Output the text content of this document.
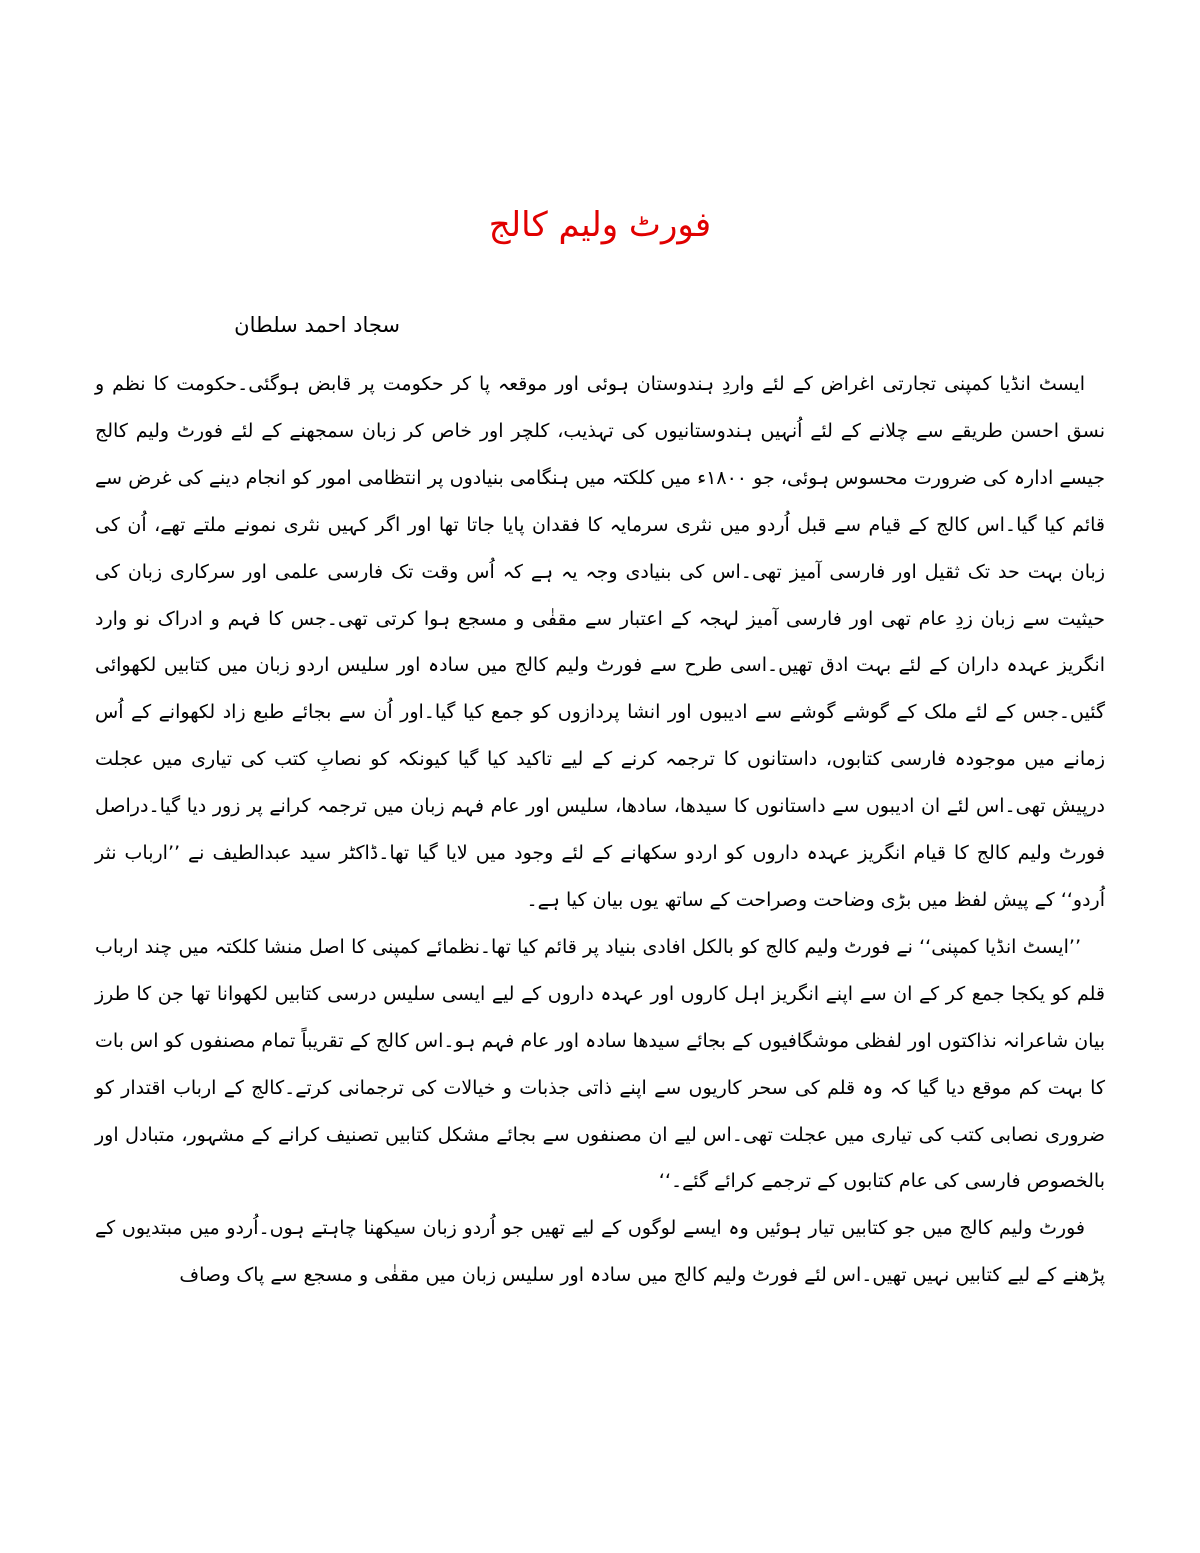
فورٹ ولیم کالج
سجاد احمد سلطان

ایسٹ انڈیا کمپنی تجارتی اغراض کے لئے واردِ ہندوستان ہوئی اور موقعہ پا کر حکومت پر قابض ہوگئی۔حکومت کا نظم و نسق احسن طریقے سے چلانے کے لئے اُنہیں ہندوستانیوں کی تہذیب، کلچر اور خاص کر زبان سمجھنے کے لئے فورٹ ولیم کالج جیسے ادارہ کی ضرورت محسوس ہوئی، جو ۱۸۰۰ء میں کلکتہ میں ہنگامی بنیادوں پر انتظامی امور کو انجام دینے کی غرض سے قائم کیا گیا۔اس کالج کے قیام سے قبل اُردو میں نثری سرمایہ کا فقدان پایا جاتا تھا اور اگر کہیں نثری نمونے ملتے تھے، اُن کی زبان بہت حد تک ثقیل اور فارسی آمیز تھی۔اس کی بنیادی وجہ یہ ہے کہ اُس وقت تک فارسی علمی اور سرکاری زبان کی حیثیت سے زبان زدِ عام تھی اور فارسی آمیز لہجہ کے اعتبار سے مقفٰی و مسجع ہوا کرتی تھی۔جس کا فہم و ادراک نو وارد انگریز عہدہ داران کے لئے بہت ادق تھیں۔اسی طرح سے فورٹ ولیم کالج میں سادہ اور سلیس اردو زبان میں کتابیں لکھوائی گئیں۔جس کے لئے ملک کے گوشے گوشے سے ادیبوں اور انشا پردازوں کو جمع کیا گیا۔اور اُن سے بجائے طبع زاد لکھوانے کے اُس زمانے میں موجودہ فارسی کتابوں، داستانوں کا ترجمہ کرنے کے لیے تاکید کیا گیا کیونکہ کو نصابِ کتب کی تیاری میں عجلت درپیش تھی۔اس لئے ان ادیبوں سے داستانوں کا سیدھا، سادھا، سلیس اور عام فہم زبان میں ترجمہ کرانے پر زور دیا گیا۔دراصل فورٹ ولیم کالج کا قیام انگریز عہدہ داروں کو اردو سکھانے کے لئے وجود میں لایا گیا تھا۔ڈاکٹر سید عبدالطیف نے ’’ارباب نثر اُردو‘‘ کے پیش لفظ میں بڑی وضاحت وصراحت کے ساتھ یوں بیان کیا ہے۔

’’ایسٹ انڈیا کمپنی‘‘ نے فورٹ ولیم کالج کو بالکل افادی بنیاد پر قائم کیا تھا۔نظمائے کمپنی کا اصل منشا کلکتہ میں چند ارباب قلم کو یکجا جمع کر کے ان سے اپنے انگریز اہل کاروں اور عہدہ داروں کے لیے ایسی سلیس درسی کتابیں لکھوانا تھا جن کا طرز بیان شاعرانہ نذاکتوں اور لفظی موشگافیوں کے بجائے سیدھا سادہ اور عام فہم ہو۔اس کالج کے تقریباً تمام مصنفوں کو اس بات کا بہت کم موقع دیا گیا کہ وہ قلم کی سحر کاریوں سے اپنے ذاتی جذبات و خیالات کی ترجمانی کرتے۔کالج کے ارباب اقتدار کو ضروری نصابی کتب کی تیاری میں عجلت تھی۔اس لیے ان مصنفوں سے بجائے مشکل کتابیں تصنیف کرانے کے مشہور، متبادل اور بالخصوص فارسی کی عام کتابوں کے ترجمے کرائے گئے۔‘‘

فورٹ ولیم کالج میں جو کتابیں تیار ہوئیں وہ ایسے لوگوں کے لیے تھیں جو اُردو زبان سیکھنا چاہتے ہوں۔اُردو میں مبتدیوں کے پڑھنے کے لیے کتابیں نہیں تھیں۔اس لئے فورٹ ولیم کالج میں سادہ اور سلیس زبان میں مقفٰی و مسجع سے پاک وصاف
